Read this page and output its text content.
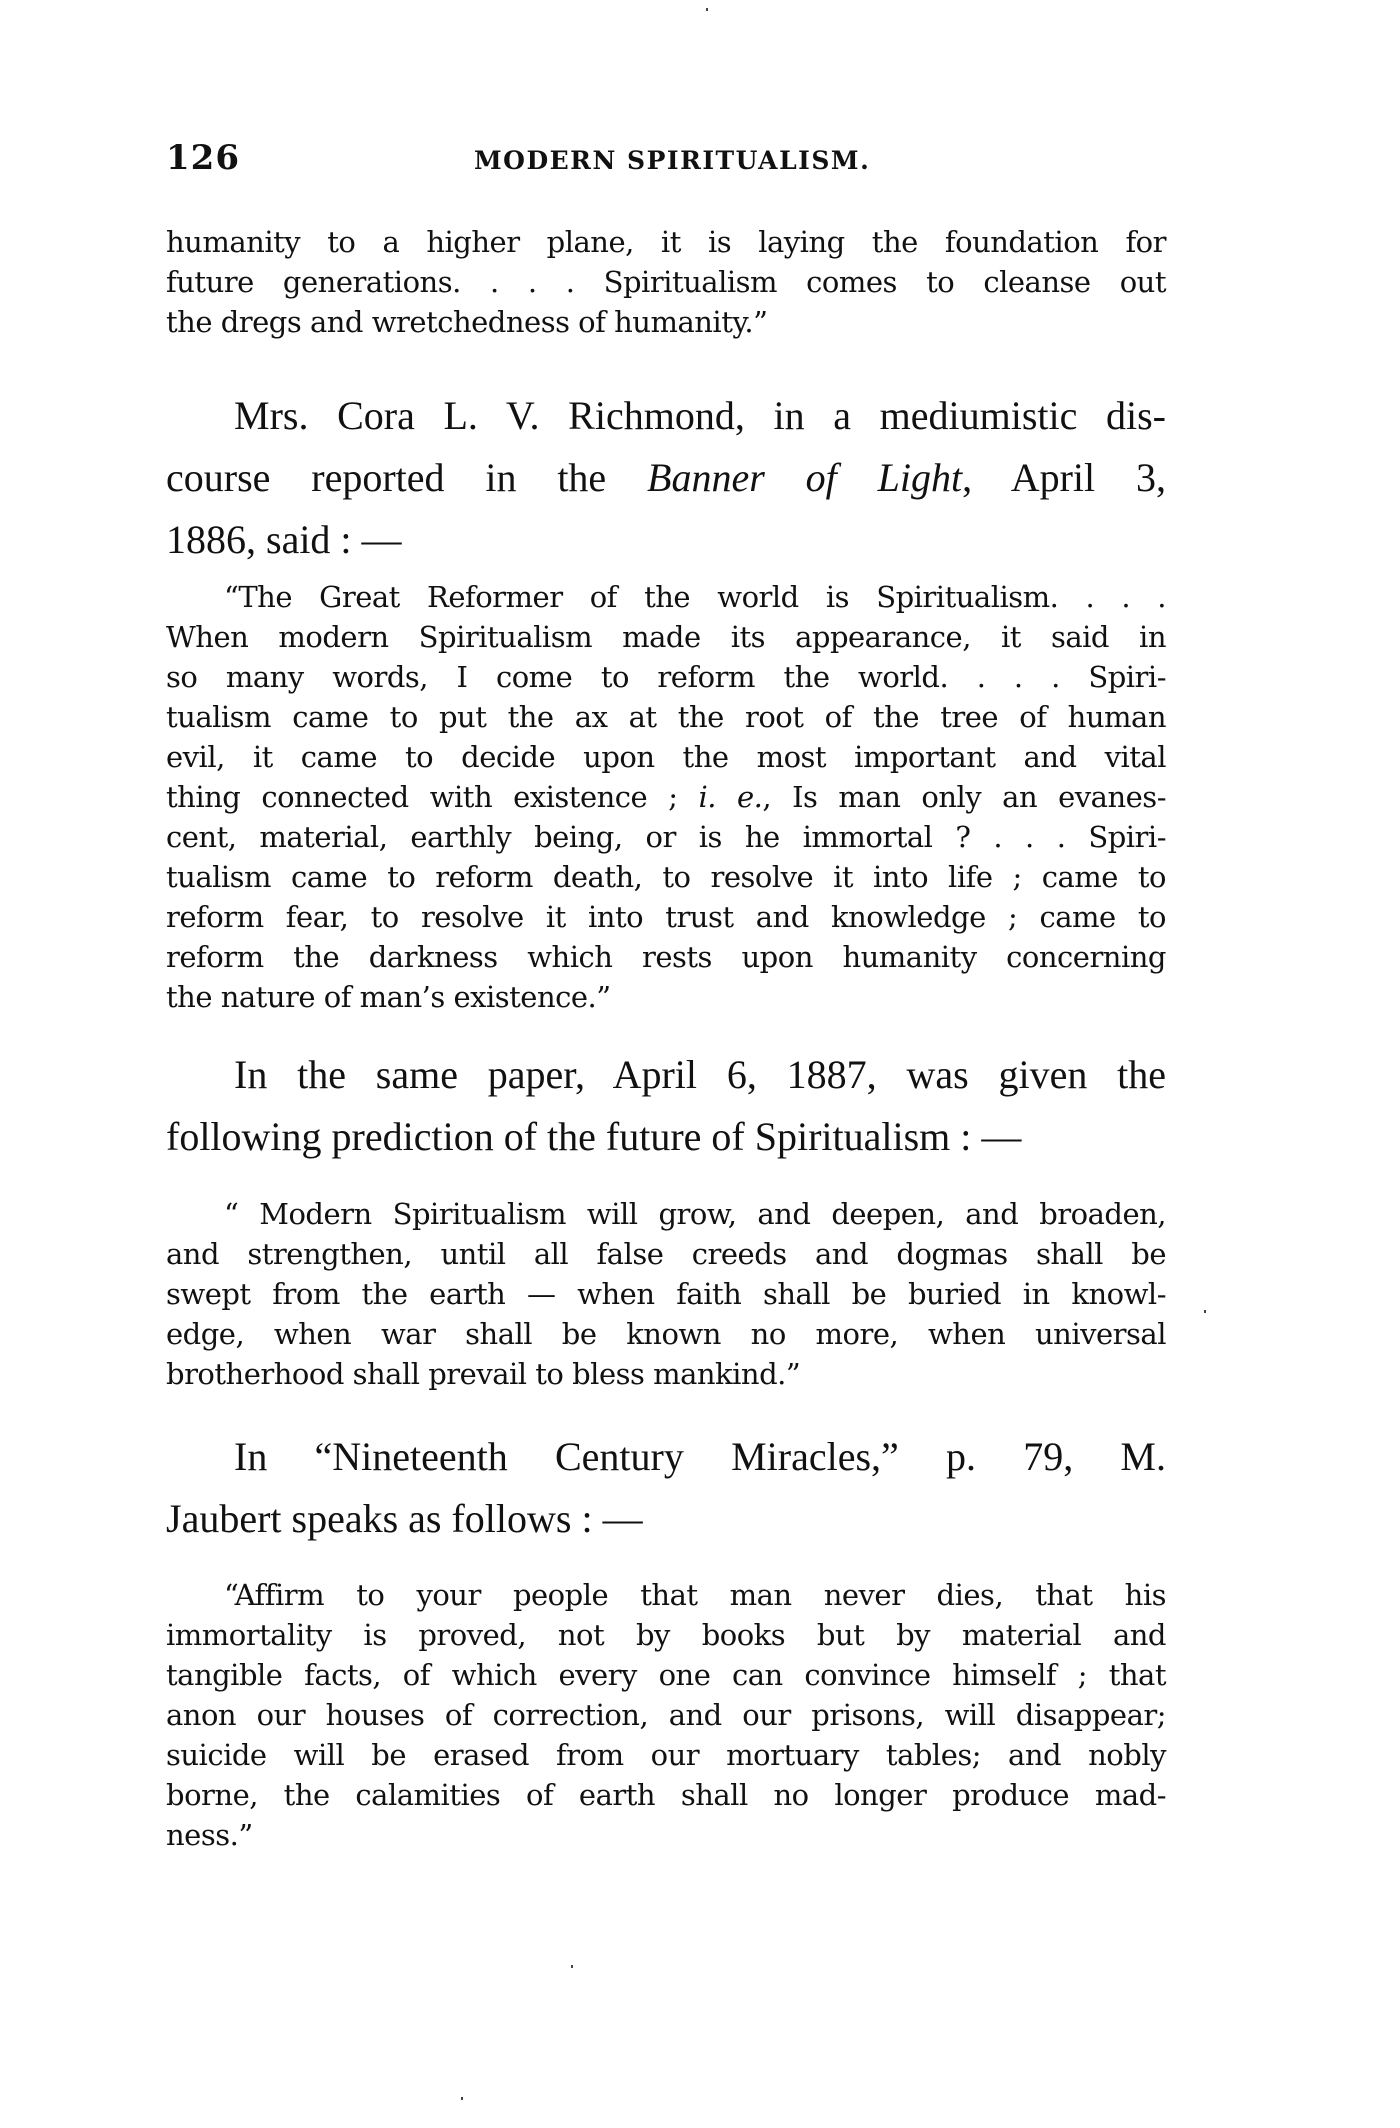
126	MODERN SPIRITUALISM.
humanity to a higher plane, it is laying the foundation for
future generations. . . . Spiritualism comes to cleanse out
the dregs and wretchedness of humanity.”
Mrs. Cora L. V. Richmond, in a mediumistic dis-
course reported in the Banner of Light, April 3,
1886, said : —
“The Great Reformer of the world is Spiritualism. . . .
When modern Spiritualism made its appearance, it said in
so many words, I come to reform the world. . . . Spiri-
tualism came to put the ax at the root of the tree of human
evil, it came to decide upon the most important and vital
thing connected with existence ; i. e., Is man only an evanes-
cent, material, earthly being, or is he immortal ? . . . Spiri-
tualism came to reform death, to resolve it into life ; came to
reform fear, to resolve it into trust and knowledge ; came to
reform the darkness which rests upon humanity concerning
the nature of man’s existence.”
In the same paper, April 6, 1887, was given the
following prediction of the future of Spiritualism : —
“ Modern Spiritualism will grow, and deepen, and broaden,
and strengthen, until all false creeds and dogmas shall be
swept from the earth — when faith shall be buried in knowl-
edge, when war shall be known no more, when universal
brotherhood shall prevail to bless mankind.”
In “Nineteenth Century Miracles,” p. 79, M.
Jaubert speaks as follows : —
“Affirm to your people that man never dies, that his
immortality is proved, not by books but by material and
tangible facts, of which every one can convince himself ; that
anon our houses of correction, and our prisons, will disappear;
suicide will be erased from our mortuary tables; and nobly
borne, the calamities of earth shall no longer produce mad-
ness.”
